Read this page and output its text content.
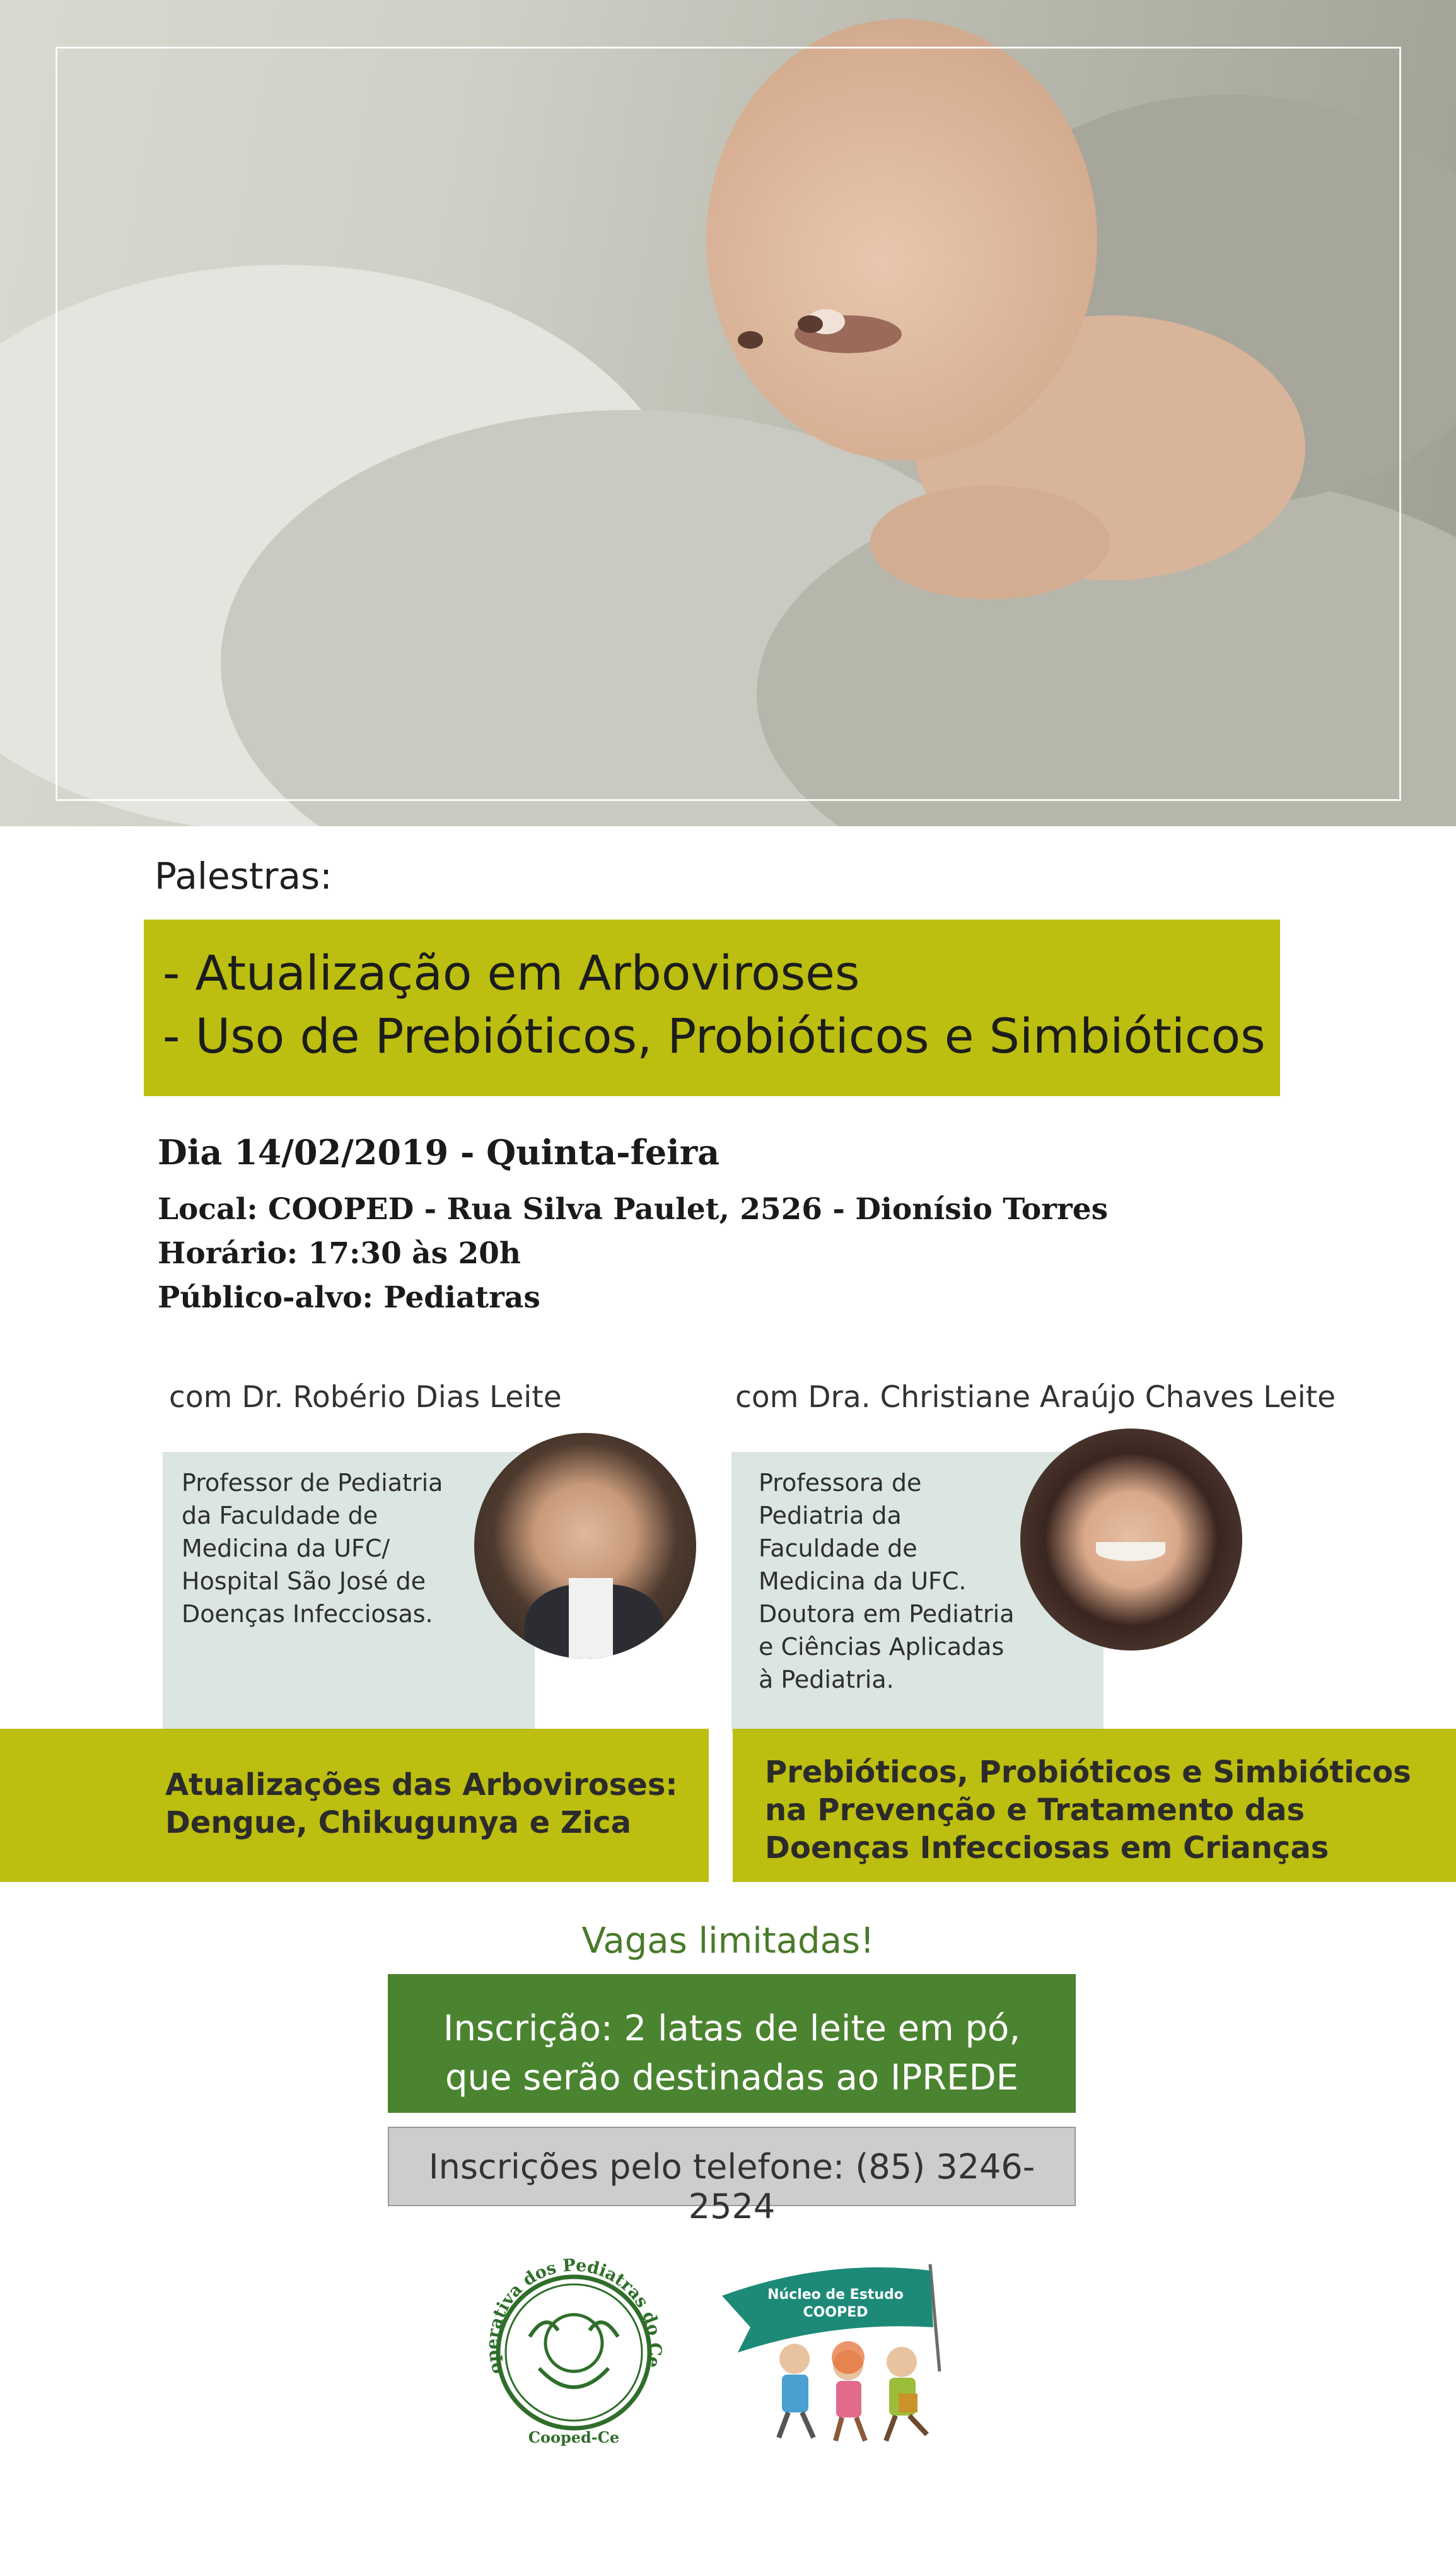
Palestras:
- Atualização em Arboviroses
- Uso de Prebióticos, Probióticos e Simbióticos
Dia 14/02/2019 - Quinta-feira
Local: COOPED - Rua Silva Paulet, 2526 - Dionísio Torres
Horário: 17:30 às 20h
Público-alvo: Pediatras
com Dr. Robério Dias Leite
Professor de Pediatria
da Faculdade de
Medicina da UFC/
Hospital São José de
Doenças Infecciosas.
Atualizações das Arboviroses:
Dengue, Chikugunya e Zica
com Dra. Christiane Araújo Chaves Leite
Professora de
Pediatria da
Faculdade de
Medicina da UFC.
Doutora em Pediatria
e Ciências Aplicadas
à Pediatria.
Prebióticos, Probióticos e Simbióticos
na Prevenção e Tratamento das
Doenças Infecciosas em Crianças
Vagas limitadas!
Inscrição: 2 latas de leite em pó,
que serão destinadas ao IPREDE
Inscrições pelo telefone: (85) 3246-2524
operativa dos Pediatras do Ce
Cooped-Ce
Núcleo de Estudo
COOPED
